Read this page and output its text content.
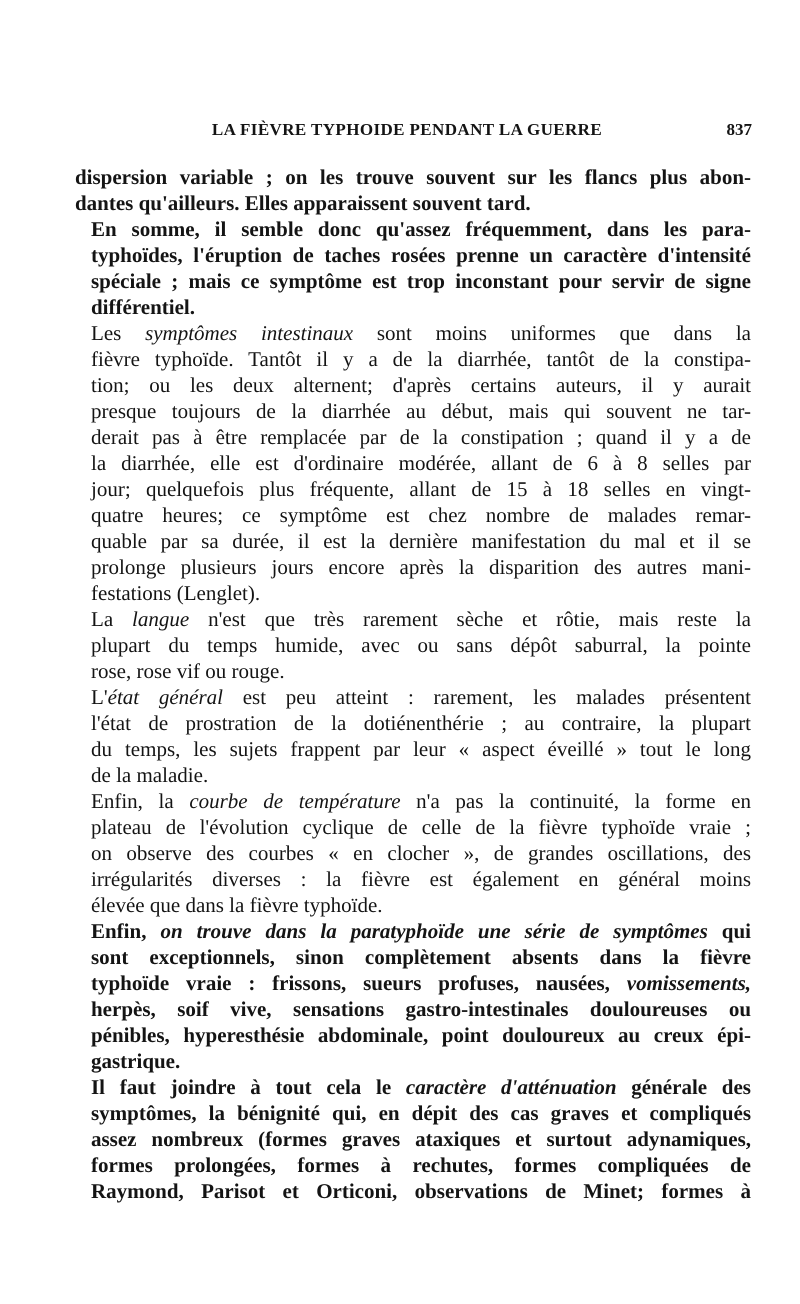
LA FIÈVRE TYPHOIDE PENDANT LA GUERRE	837

dispersion variable ; on les trouve souvent sur les flancs plus abon-
dantes qu'ailleurs. Elles apparaissent souvent tard.

En somme, il semble donc qu'assez fréquemment, dans les para-
typhoïdes, l'éruption de taches rosées prenne un caractère d'intensité
spéciale ; mais ce symptôme est trop inconstant pour servir de signe
différentiel.

Les symptômes intestinaux sont moins uniformes que dans la
fièvre typhoïde. Tantôt il y a de la diarrhée, tantôt de la constipa-
tion; ou les deux alternent; d'après certains auteurs, il y aurait
presque toujours de la diarrhée au début, mais qui souvent ne tar-
derait pas à être remplacée par de la constipation ; quand il y a de
la diarrhée, elle est d'ordinaire modérée, allant de 6 à 8 selles par
jour; quelquefois plus fréquente, allant de 15 à 18 selles en vingt-
quatre heures; ce symptôme est chez nombre de malades remar-
quable par sa durée, il est la dernière manifestation du mal et il se
prolonge plusieurs jours encore après la disparition des autres mani-
festations (Lenglet).

La langue n'est que très rarement sèche et rôtie, mais reste la
plupart du temps humide, avec ou sans dépôt saburral, la pointe
rose, rose vif ou rouge.

L'état général est peu atteint : rarement, les malades présentent
l'état de prostration de la dotiénenthérie ; au contraire, la plupart
du temps, les sujets frappent par leur « aspect éveillé » tout le long
de la maladie.

Enfin, la courbe de température n'a pas la continuité, la forme en
plateau de l'évolution cyclique de celle de la fièvre typhoïde vraie ;
on observe des courbes « en clocher », de grandes oscillations, des
irrégularités diverses : la fièvre est également en général moins
élevée que dans la fièvre typhoïde.

Enfin, on trouve dans la paratyphoïde une série de symptômes qui
sont exceptionnels, sinon complètement absents dans la fièvre
typhoïde vraie : frissons, sueurs profuses, nausées, vomissements,
herpès, soif vive, sensations gastro-intestinales douloureuses ou
pénibles, hyperesthésie abdominale, point douloureux au creux épi-
gastrique.

Il faut joindre à tout cela le caractère d'atténuation générale des
symptômes, la bénignité qui, en dépit des cas graves et compliqués
assez nombreux (formes graves ataxiques et surtout adynamiques,
formes prolongées, formes à rechutes, formes compliquées de
Raymond, Parisot et Orticoni, observations de Minet; formes à
